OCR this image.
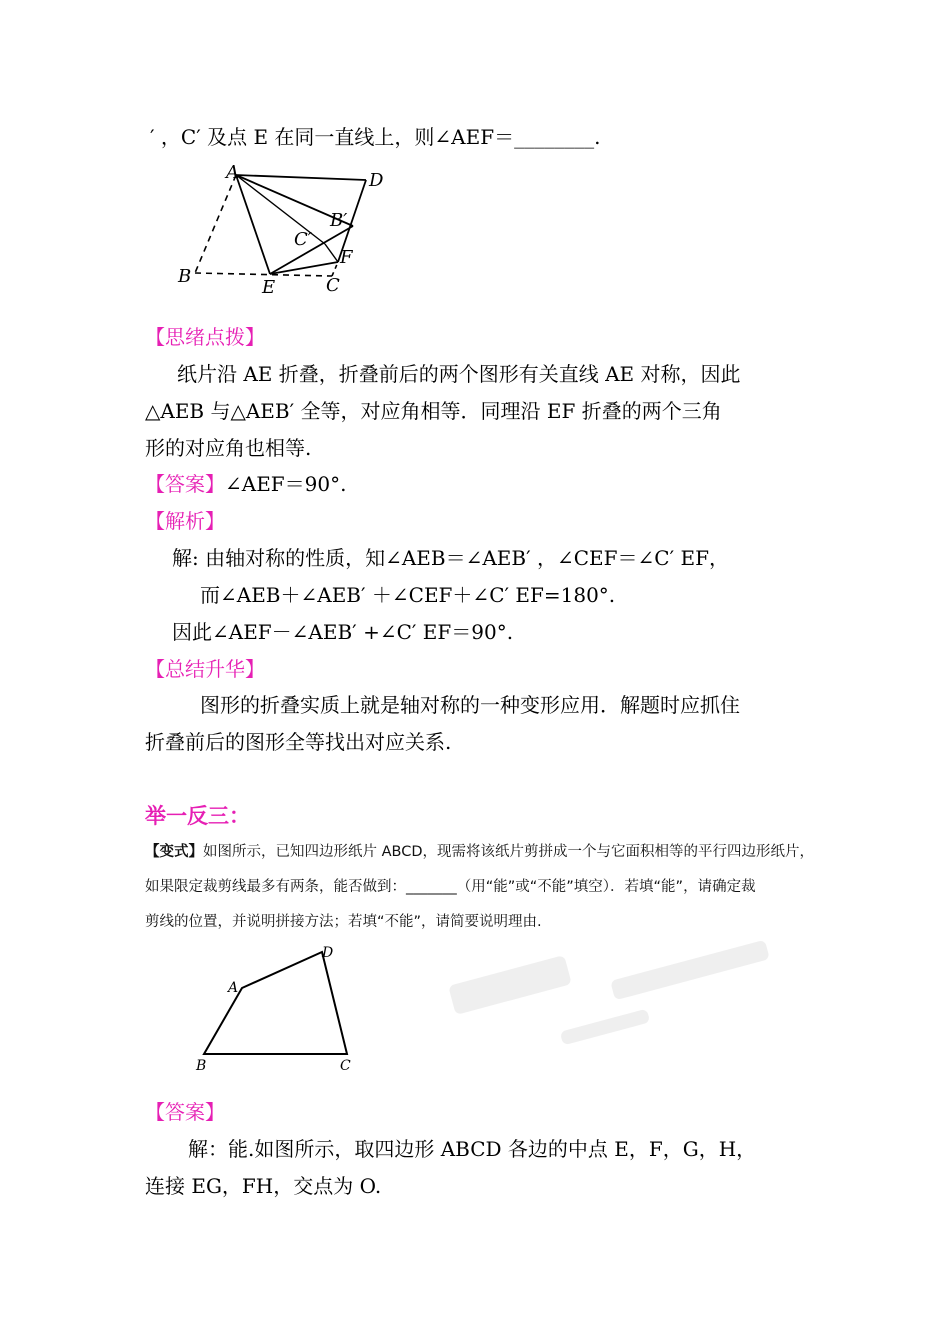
′ ，C′ 及点 E 在同一直线上，则∠AEF＝________.
A	D
B′
C′
F
B
E	C
【思绪点拨】
纸片沿 AE 折叠，折叠前后的两个图形有关直线 AE 对称，因此
△AEB 与△AEB′ 全等，对应角相等．同理沿 EF 折叠的两个三角
形的对应角也相等.
【答案】∠AEF＝90°.
【解析】
解: 由轴对称的性质，知∠AEB＝∠AEB′ ，∠CEF＝∠C′ EF，
而∠AEB＋∠AEB′ ＋∠CEF＋∠C′ EF=180°.
因此∠AEF－∠AEB′ +∠C′ EF＝90°.
【总结升华】
图形的折叠实质上就是轴对称的一种变形应用．解题时应抓住
折叠前后的图形全等找出对应关系.
举一反三：
【变式】如图所示，已知四边形纸片 ABCD，现需将该纸片剪拼成一个与它面积相等的平行四边形纸片，
如果限定裁剪线最多有两条，能否做到：_______（用“能”或“不能”填空）．若填“能”，请确定裁
剪线的位置，并说明拼接方法；若填“不能”，请简要说明理由.
A
D
B	C
【答案】
解：能.如图所示，取四边形 ABCD 各边的中点 E，F，G，H，
连接 EG，FH，交点为 O.
